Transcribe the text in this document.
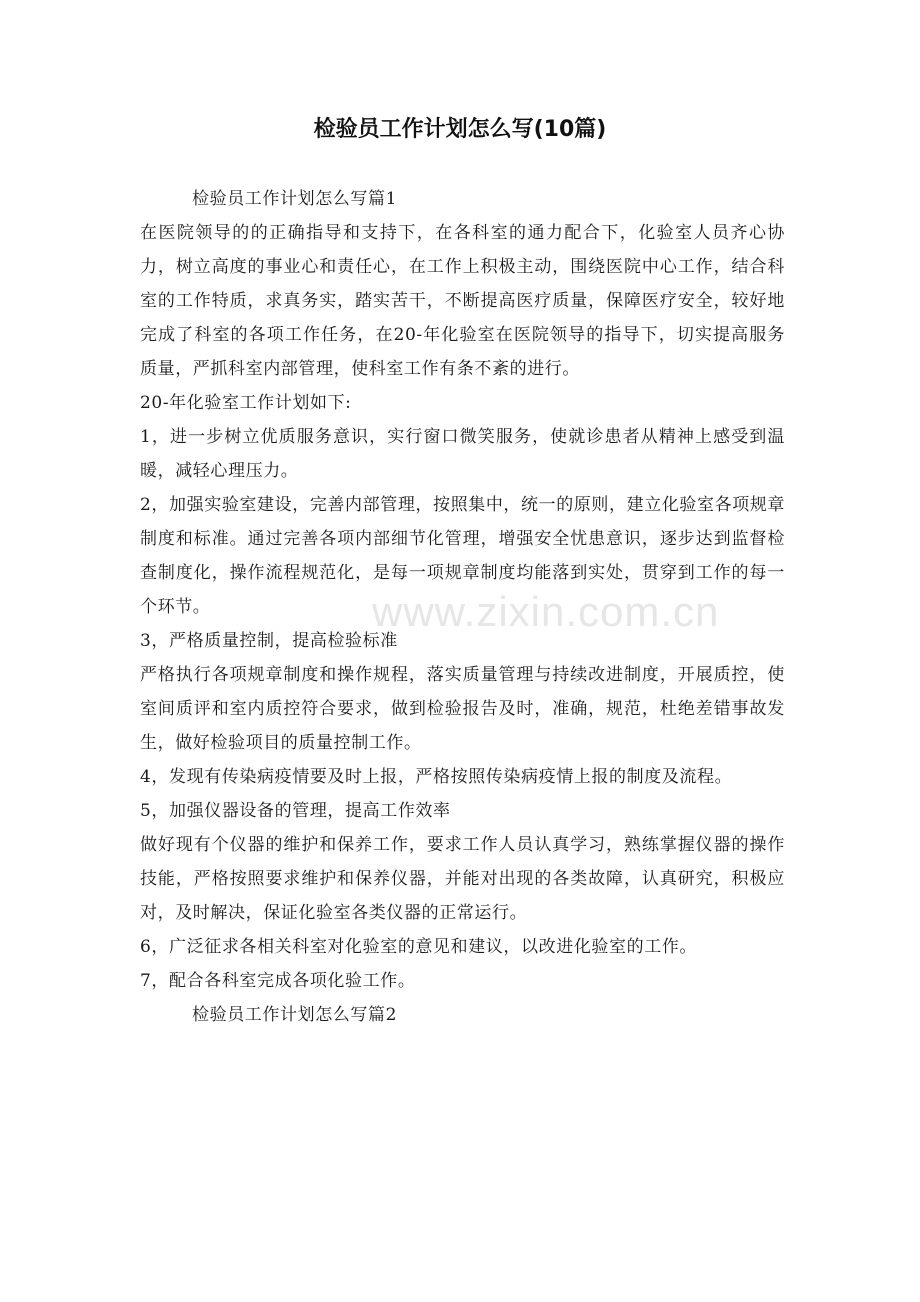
www.zixin.com.cn
检验员工作计划怎么写(10篇)

检验员工作计划怎么写篇1

在医院领导的的正确指导和支持下，在各科室的通力配合下，化验室人员齐心协力，树立高度的事业心和责任心，在工作上积极主动，围绕医院中心工作，结合科室的工作特质，求真务实，踏实苦干，不断提高医疗质量，保障医疗安全，较好地完成了科室的各项工作任务，在20-年化验室在医院领导的指导下，切实提高服务质量，严抓科室内部管理，使科室工作有条不紊的进行。

20-年化验室工作计划如下:

1，进一步树立优质服务意识，实行窗口微笑服务，使就诊患者从精神上感受到温暖，减轻心理压力。

2，加强实验室建设，完善内部管理，按照集中，统一的原则，建立化验室各项规章制度和标准。通过完善各项内部细节化管理，增强安全忧患意识，逐步达到监督检查制度化，操作流程规范化，是每一项规章制度均能落到实处，贯穿到工作的每一个环节。

3，严格质量控制，提高检验标准

严格执行各项规章制度和操作规程，落实质量管理与持续改进制度，开展质控，使室间质评和室内质控符合要求，做到检验报告及时，准确，规范，杜绝差错事故发生，做好检验项目的质量控制工作。

4，发现有传染病疫情要及时上报，严格按照传染病疫情上报的制度及流程。

5，加强仪器设备的管理，提高工作效率

做好现有个仪器的维护和保养工作，要求工作人员认真学习，熟练掌握仪器的操作技能，严格按照要求维护和保养仪器，并能对出现的各类故障，认真研究，积极应对，及时解决，保证化验室各类仪器的正常运行。

6，广泛征求各相关科室对化验室的意见和建议，以改进化验室的工作。

7，配合各科室完成各项化验工作。

检验员工作计划怎么写篇2
